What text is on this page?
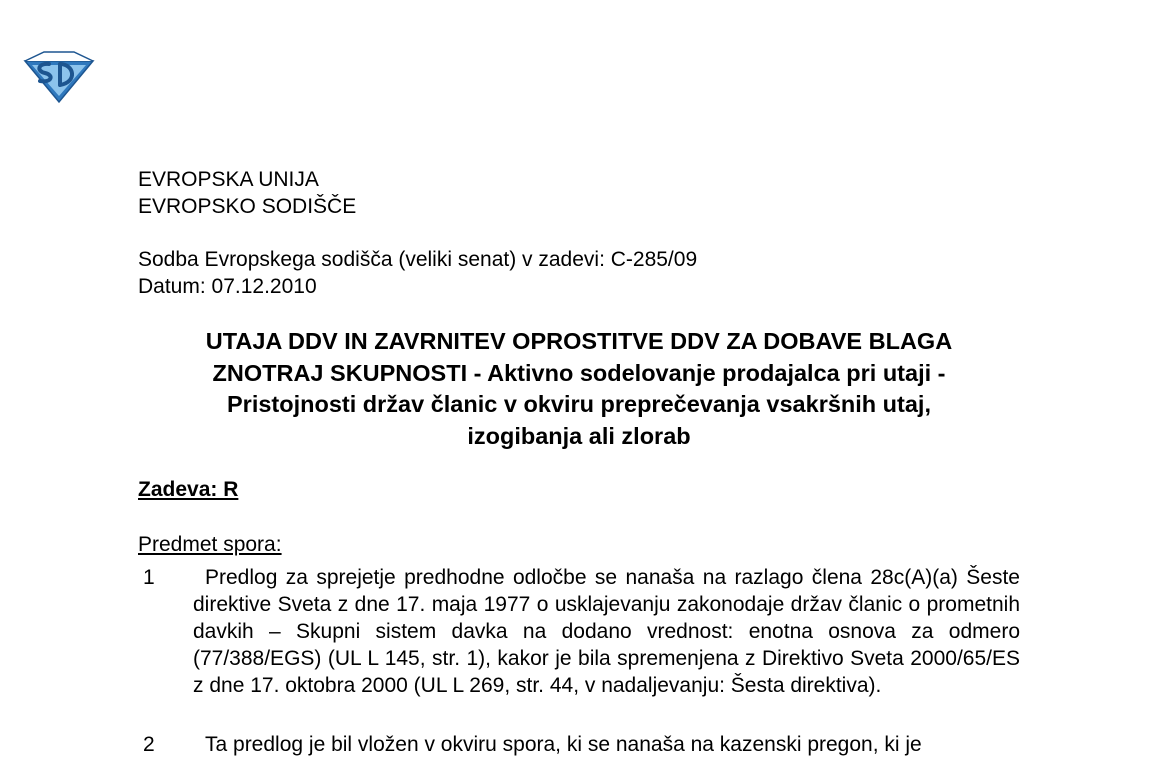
EVROPSKA UNIJA
EVROPSKO SODIŠČE
Sodba Evropskega sodišča (veliki senat) v zadevi: C-285/09
Datum: 07.12.2010
UTAJA DDV IN ZAVRNITEV OPROSTITVE DDV ZA DOBAVE BLAGA
ZNOTRAJ SKUPNOSTI - Aktivno sodelovanje prodajalca pri utaji -
Pristojnosti držav članic v okviru preprečevanja vsakršnih utaj,
izogibanja ali zlorab
Zadeva: R
Predmet spora:
1	Predlog za sprejetje predhodne odločbe se nanaša na razlago člena 28c(A)(a) Šeste direktive Sveta z dne 17. maja 1977 o usklajevanju zakonodaje držav članic o prometnih davkih – Skupni sistem davka na dodano vrednost: enotna osnova za odmero (77/388/EGS) (UL L 145, str. 1), kakor je bila spremenjena z Direktivo Sveta 2000/65/ES z dne 17. oktobra 2000 (UL L 269, str. 44, v nadaljevanju: Šesta direktiva).
2	Ta predlog je bil vložen v okviru spora, ki se nanaša na kazenski pregon, ki je
